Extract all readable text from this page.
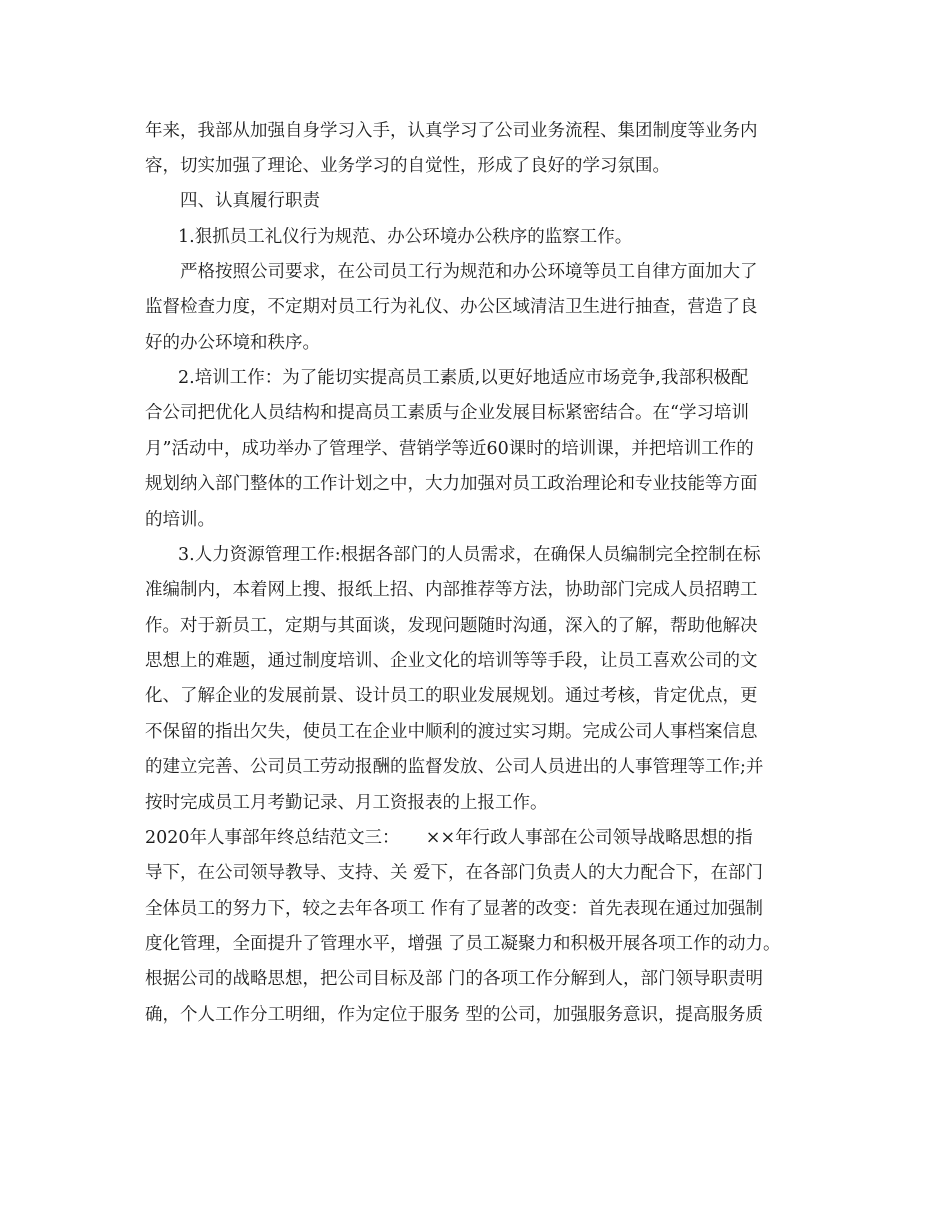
年来，我部从加强自身学习入手，认真学习了公司业务流程、集团制度等业务内

容，切实加强了理论、业务学习的自觉性，形成了良好的学习氛围。

四、认真履行职责

1.狠抓员工礼仪行为规范、办公环境办公秩序的监察工作。

严格按照公司要求，在公司员工行为规范和办公环境等员工自律方面加大了

监督检查力度，不定期对员工行为礼仪、办公区域清洁卫生进行抽查，营造了良

好的办公环境和秩序。

2.培训工作：为了能切实提高员工素质,以更好地适应市场竞争,我部积极配

合公司把优化人员结构和提高员工素质与企业发展目标紧密结合。在“学习培训

月”活动中，成功举办了管理学、营销学等近60课时的培训课，并把培训工作的

规划纳入部门整体的工作计划之中，大力加强对员工政治理论和专业技能等方面

的培训。

3.人力资源管理工作:根据各部门的人员需求，在确保人员编制完全控制在标

准编制内，本着网上搜、报纸上招、内部推荐等方法，协助部门完成人员招聘工

作。对于新员工，定期与其面谈，发现问题随时沟通，深入的了解，帮助他解决

思想上的难题，通过制度培训、企业文化的培训等等手段，让员工喜欢公司的文

化、了解企业的发展前景、设计员工的职业发展规划。通过考核，肯定优点，更

不保留的指出欠失，使员工在企业中顺利的渡过实习期。完成公司人事档案信息

的建立完善、公司员工劳动报酬的监督发放、公司人员进出的人事管理等工作;并

按时完成员工月考勤记录、月工资报表的上报工作。

2020年人事部年终总结范文三：　　××年行政人事部在公司领导战略思想的指

导下，在公司领导教导、支持、关 爱下，在各部门负责人的大力配合下，在部门

全体员工的努力下，较之去年各项工 作有了显著的改变：首先表现在通过加强制

度化管理，全面提升了管理水平，增强 了员工凝聚力和积极开展各项工作的动力。

根据公司的战略思想，把公司目标及部 门的各项工作分解到人，部门领导职责明

确，个人工作分工明细，作为定位于服务 型的公司，加强服务意识，提高服务质
